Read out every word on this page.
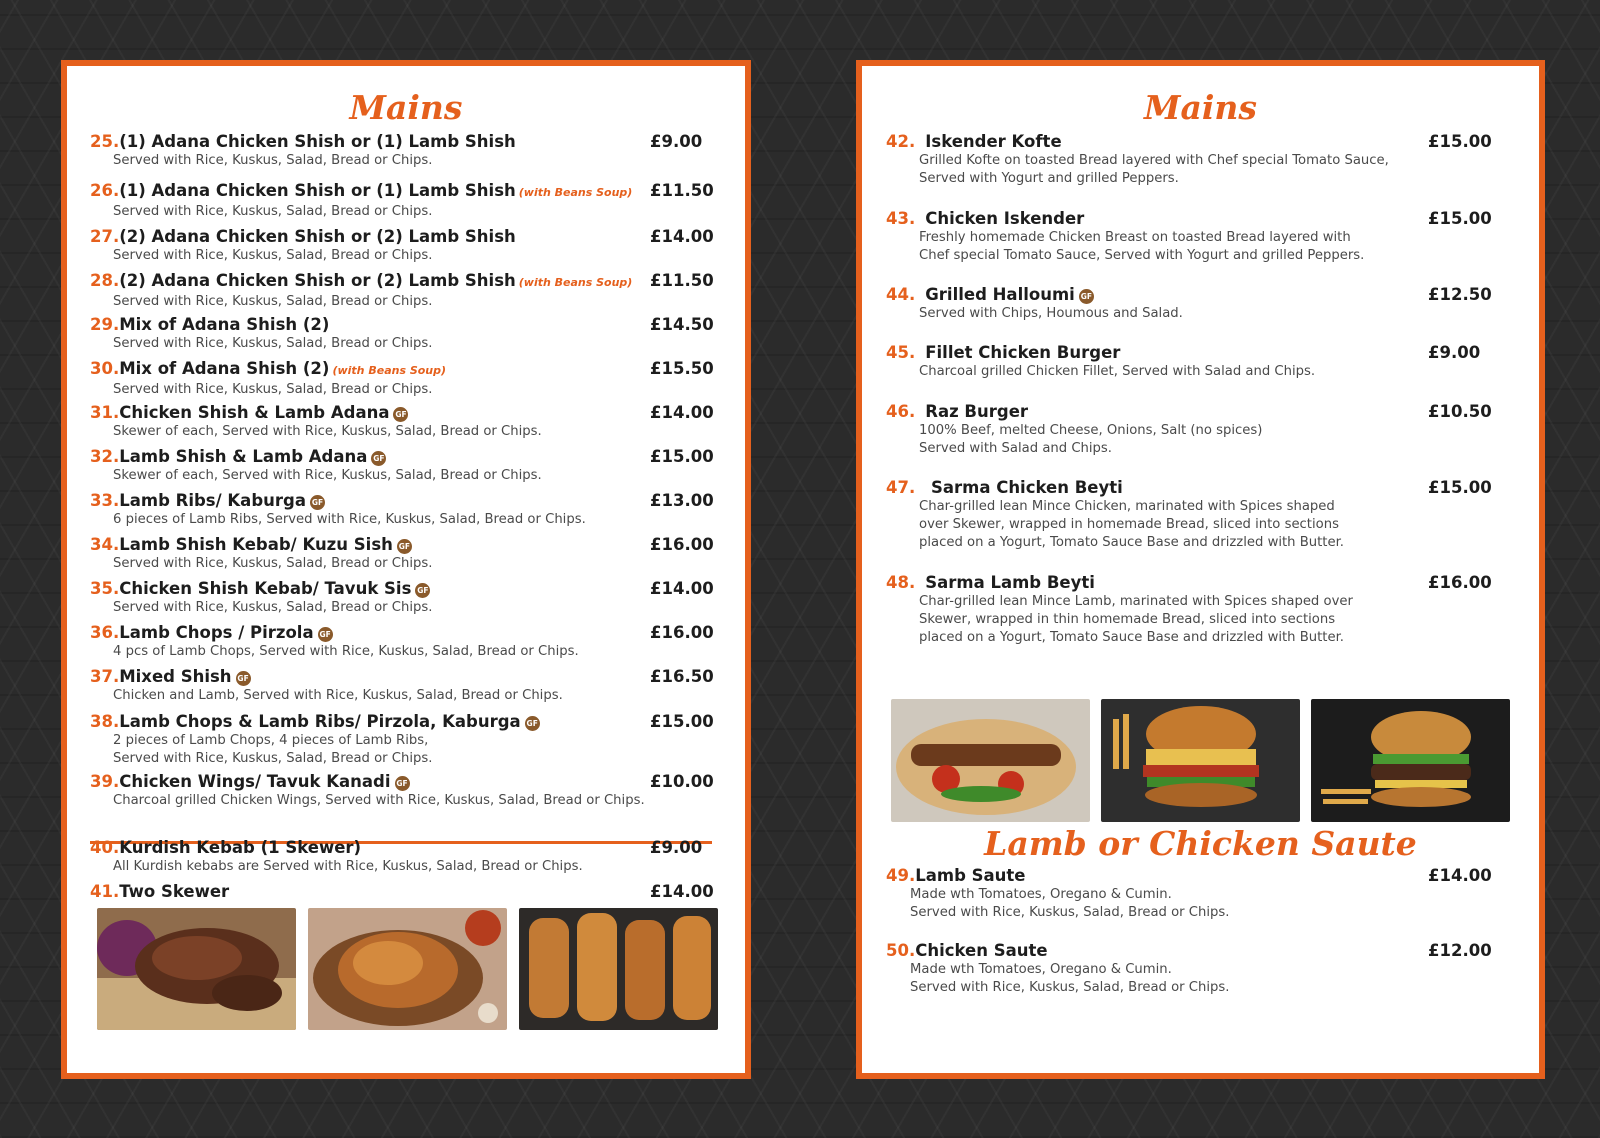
Mains
25.(1) Adana Chicken Shish or (1) Lamb Shish
Served with Rice, Kuskus, Salad, Bread or Chips.
£9.00
26.(1) Adana Chicken Shish or (1) Lamb Shish (with Beans Soup)
Served with Rice, Kuskus, Salad, Bread or Chips.
£11.50
27.(2) Adana Chicken Shish or (2) Lamb Shish
Served with Rice, Kuskus, Salad, Bread or Chips.
£14.00
28.(2) Adana Chicken Shish or (2) Lamb Shish (with Beans Soup)
Served with Rice, Kuskus, Salad, Bread or Chips.
£11.50
29.Mix of Adana Shish (2)
Served with Rice, Kuskus, Salad, Bread or Chips.
£14.50
30.Mix of Adana Shish (2) (with Beans Soup)
Served with Rice, Kuskus, Salad, Bread or Chips.
£15.50
31.Chicken Shish & Lamb Adana GF
Skewer of each, Served with Rice, Kuskus, Salad, Bread or Chips.
£14.00
32.Lamb Shish & Lamb Adana GF
Skewer of each, Served with Rice, Kuskus, Salad, Bread or Chips.
£15.00
33.Lamb Ribs/ Kaburga GF
6 pieces of Lamb Ribs, Served with Rice, Kuskus, Salad, Bread or Chips.
£13.00
34.Lamb Shish Kebab/ Kuzu Sish GF
Served with Rice, Kuskus, Salad, Bread or Chips.
£16.00
35.Chicken Shish Kebab/ Tavuk Sis GF
Served with Rice, Kuskus, Salad, Bread or Chips.
£14.00
36.Lamb Chops / Pirzola GF
4 pcs of Lamb Chops, Served with Rice, Kuskus, Salad, Bread or Chips.
£16.00
37.Mixed Shish GF
Chicken and Lamb, Served with Rice, Kuskus, Salad, Bread or Chips.
£16.50
38.Lamb Chops & Lamb Ribs/ Pirzola, Kaburga GF
2 pieces of Lamb Chops, 4 pieces of Lamb Ribs,
Served with Rice, Kuskus, Salad, Bread or Chips.
£15.00
39.Chicken Wings/ Tavuk Kanadi GF
Charcoal grilled Chicken Wings, Served with Rice, Kuskus, Salad, Bread or Chips.
£10.00
40.Kurdish Kebab (1 Skewer)
All Kurdish kebabs are Served with Rice, Kuskus, Salad, Bread or Chips.
£9.00
41.Two Skewer	£14.00
Mains
42. Iskender Kofte
Grilled Kofte on toasted Bread layered with Chef special Tomato Sauce,
Served with Yogurt and grilled Peppers.
£15.00
43. Chicken Iskender
Freshly homemade Chicken Breast on toasted Bread layered with
Chef special Tomato Sauce, Served with Yogurt and grilled Peppers.
£15.00
44. Grilled Halloumi GF
Served with Chips, Houmous and Salad.
£12.50
45. Fillet Chicken Burger
Charcoal grilled Chicken Fillet, Served with Salad and Chips.
£9.00
46. Raz Burger
100% Beef, melted Cheese, Onions, Salt (no spices)
Served with Salad and Chips.
£10.50
47. Sarma Chicken Beyti
Char-grilled lean Mince Chicken, marinated with Spices shaped
over Skewer, wrapped in homemade Bread, sliced into sections
placed on a Yogurt, Tomato Sauce Base and drizzled with Butter.
£15.00
48. Sarma Lamb Beyti
Char-grilled lean Mince Lamb, marinated with Spices shaped over
Skewer, wrapped in thin homemade Bread, sliced into sections
placed on a Yogurt, Tomato Sauce Base and drizzled with Butter.
£16.00
Lamb or Chicken Saute
49.Lamb Saute
Made wth Tomatoes, Oregano & Cumin.
Served with Rice, Kuskus, Salad, Bread or Chips.
£14.00
50.Chicken Saute
Made wth Tomatoes, Oregano & Cumin.
Served with Rice, Kuskus, Salad, Bread or Chips.
£12.00
